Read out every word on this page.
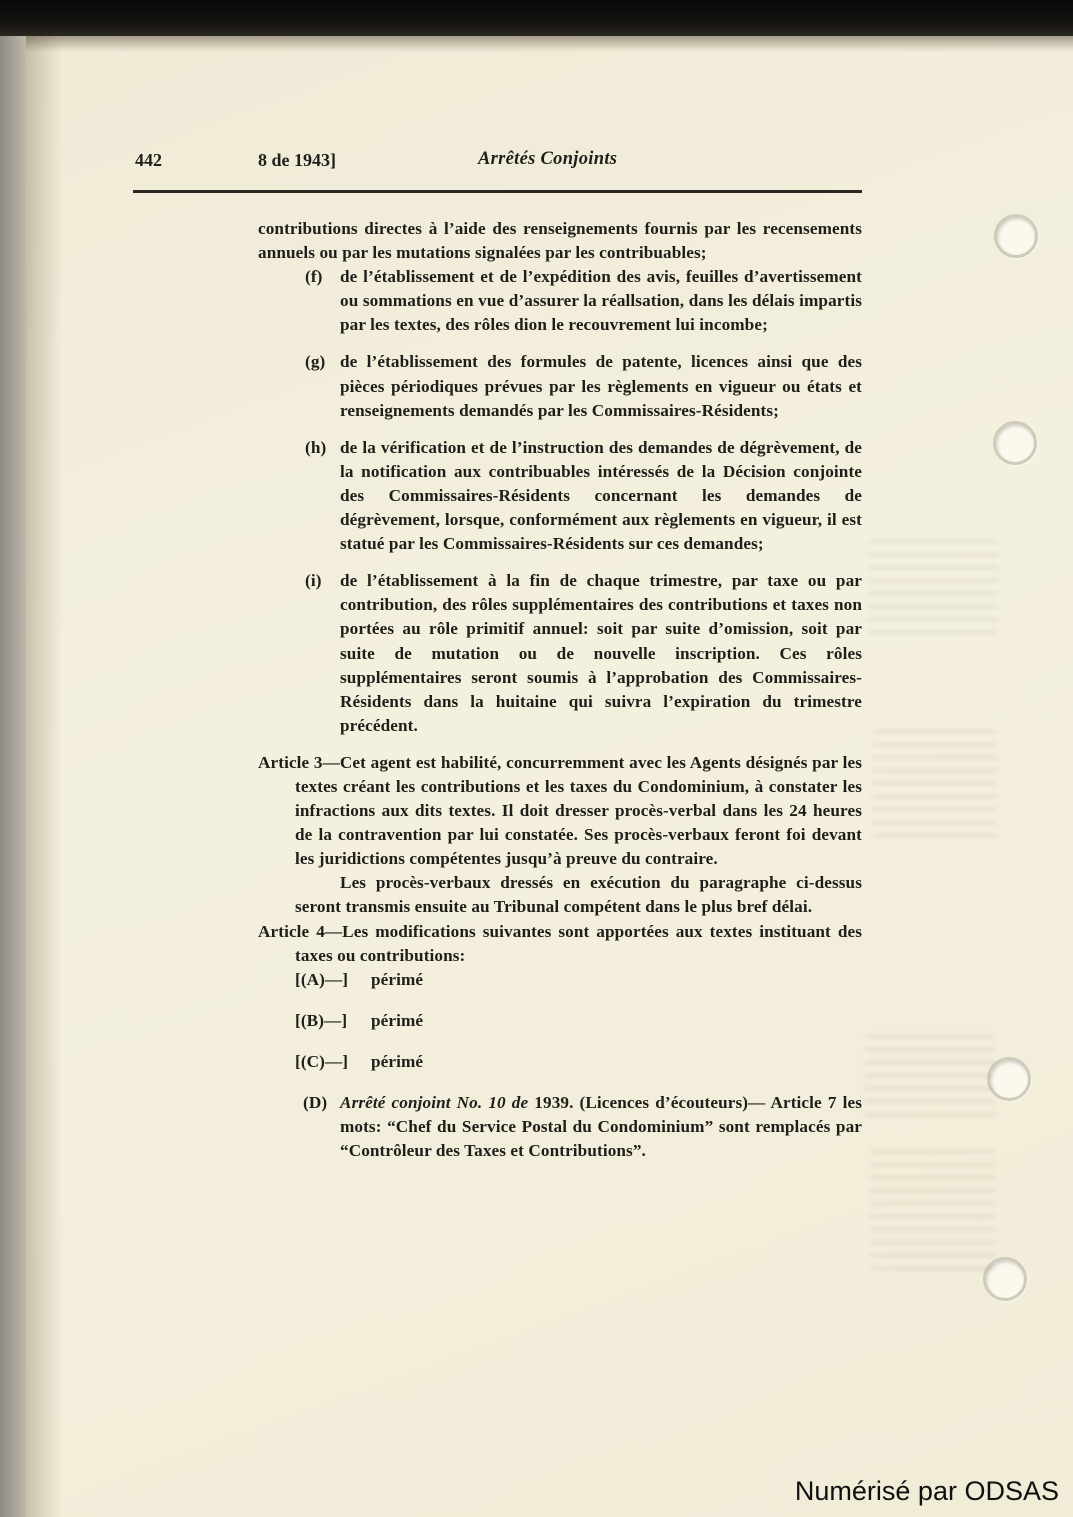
442	8 de 1943]	Arrêtés Conjoints

contributions directes à l’aide des renseignements fournis par les recensements annuels ou par les mutations signalées par les contribuables;

(f)	de l’établissement et de l’expédition des avis, feuilles d’avertissement ou sommations en vue d’assurer la réallsation, dans les délais impartis par les textes, des rôles dion le recouvrement lui incombe;
(g) de l’établissement des formules de patente, licences ainsi que des pièces périodiques prévues par les règlements en vigueur ou états et renseignements demandés par les Commissaires-Résidents;
(h) de la vérification et de l’instruction des demandes de dégrèvement, de la notification aux contribuables intéressés de la Décision conjointe des Commissaires-Résidents concernant les demandes de dégrèvement, lorsque, conformément aux règlements en vigueur, il est statué par les Commissaires-Résidents sur ces demandes;
(i)	de l’établissement à la fin de chaque trimestre, par taxe ou par contribution, des rôles supplémentaires des contributions et taxes non portées au rôle primitif annuel: soit par suite d’omission, soit par suite de mutation ou de nouvelle inscription. Ces rôles supplémentaires seront soumis à l’approbation des Commissaires-Résidents dans la huitaine qui suivra l’expiration du trimestre précédent.

Article 3—Cet agent est habilité, concurremment avec les Agents désignés par les textes créant les contributions et les taxes du Condominium, à constater les infractions aux dits textes. Il doit dresser procès-verbal dans les 24 heures de la contravention par lui constatée. Ses procès-verbaux feront foi devant les juridictions compétentes jusqu’à preuve du contraire.

Les procès-verbaux dressés en exécution du paragraphe ci-dessus seront transmis ensuite au Tribunal compétent dans le plus bref délai.

Article 4—Les modifications suivantes sont apportées aux textes instituant des taxes ou contributions:

[(A)—]	périmé
[(B)—]	périmé
[(C)—]	périmé
(D) Arrêté conjoint No. 10 de 1939. (Licences d’écouteurs)— Article 7 les mots: “Chef du Service Postal du Condominium” sont remplacés par “Contrôleur des Taxes et Contributions”.
Numérisé par ODSAS
